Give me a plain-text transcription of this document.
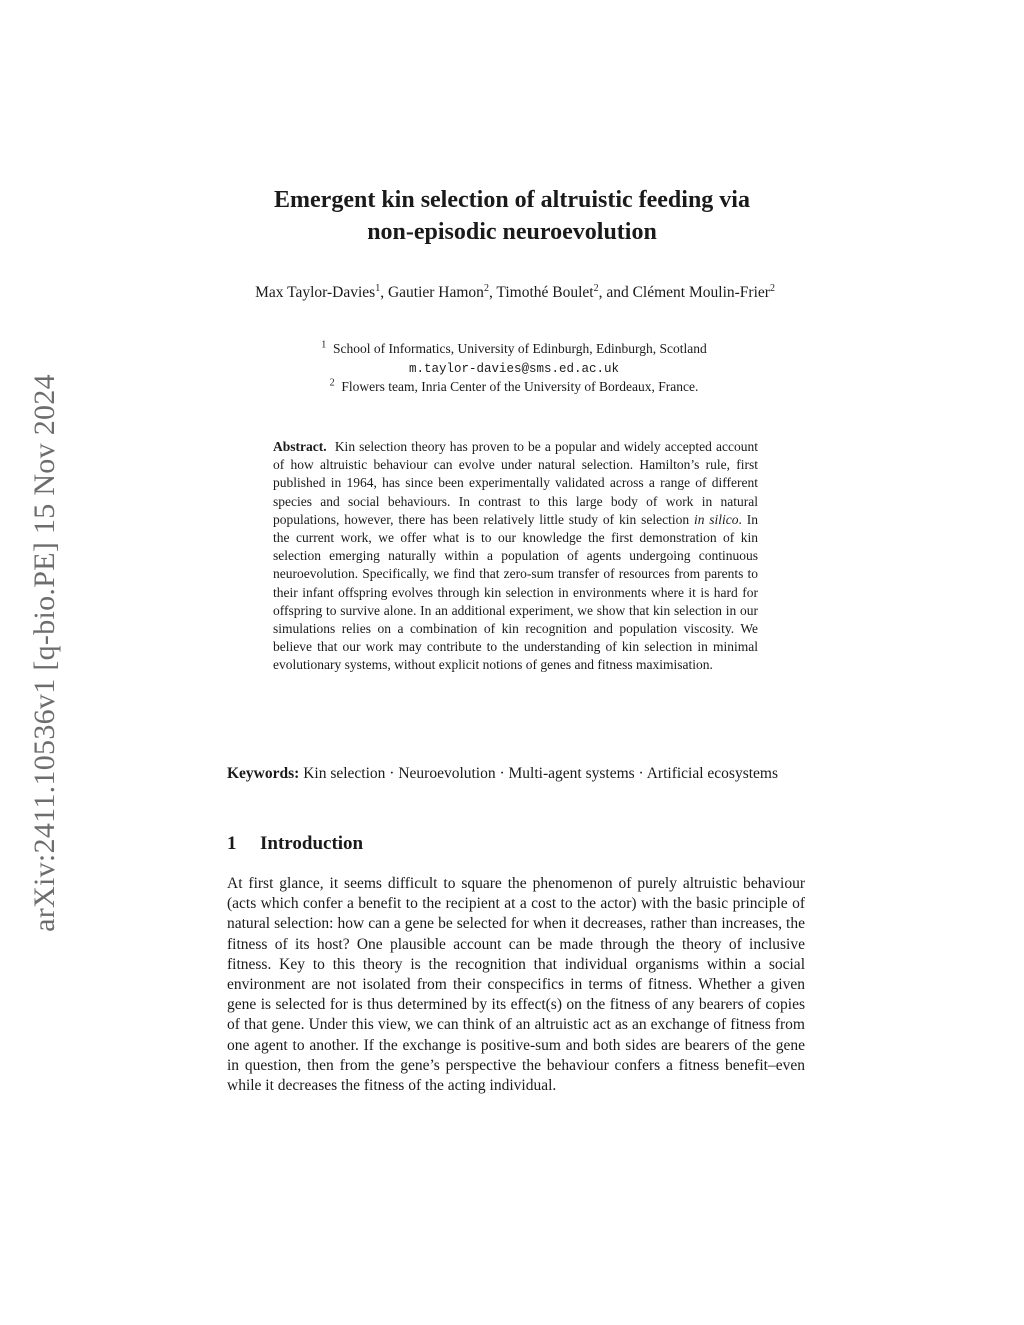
arXiv:2411.10536v1 [q-bio.PE] 15 Nov 2024
Emergent kin selection of altruistic feeding via
non-episodic neuroevolution
Max Taylor-Davies$^1$, Gautier Hamon$^2$, Timothé Boulet$^2$, and Clément Moulin-Frier$^2$
$^1$ School of Informatics, University of Edinburgh, Edinburgh, Scotland
m.taylor-davies@sms.ed.ac.uk
$^2$ Flowers team, Inria Center of the University of Bordeaux, France.
Abstract. Kin selection theory has proven to be a popular and widely accepted account of how altruistic behaviour can evolve under natural selection. Hamilton’s rule, first published in 1964, has since been experimentally validated across a range of different species and social behaviours. In contrast to this large body of work in natural populations, however, there has been relatively little study of kin selection in silico. In the current work, we offer what is to our knowledge the first demonstration of kin selection emerging naturally within a population of agents undergoing continuous neuroevolution. Specifically, we find that zero-sum transfer of resources from parents to their infant offspring evolves through kin selection in environments where it is hard for offspring to survive alone. In an additional experiment, we show that kin selection in our simulations relies on a combination of kin recognition and population viscosity. We believe that our work may contribute to the understanding of kin selection in minimal evolutionary systems, without explicit notions of genes and fitness maximisation.
Keywords: Kin selection · Neuroevolution · Multi-agent systems · Artificial ecosystems
1 Introduction
At first glance, it seems difficult to square the phenomenon of purely altruistic behaviour (acts which confer a benefit to the recipient at a cost to the actor) with the basic principle of natural selection: how can a gene be selected for when it decreases, rather than increases, the fitness of its host? One plausible account can be made through the theory of inclusive fitness. Key to this theory is the recognition that individual organisms within a social environment are not isolated from their conspecifics in terms of fitness. Whether a given gene is selected for is thus determined by its effect(s) on the fitness of any bearers of copies of that gene. Under this view, we can think of an altruistic act as an exchange of fitness from one agent to another. If the exchange is positive-sum and both sides are bearers of the gene in question, then from the gene’s perspective the behaviour confers a fitness benefit–even while it decreases the fitness of the acting individual.
